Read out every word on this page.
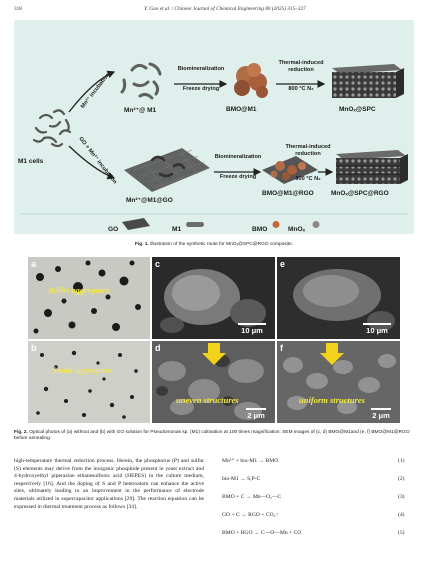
318	Y. Gao et al. / Chinese Journal of Chemical Engineering 80 (2025) 315–327
M1 cells
Mn²⁺@ M1	BMO@M1	MnOₓ@SPC
Mn²⁺@M1@GO
BMO@M1@RGO	MnOₓ@SPC@RGO
Mn²⁺ incubation
GO + Mn²⁺ incubation
Biomineralization
Freeze drying
Thermal-induced
reduction
800 °C N₂
Biomineralization
Freeze drying
Thermal-induced
reduction
800 °C N₂
GO	M1	BMO	MnOₓ
Fig. 1. Illustration of the synthetic route for MnOₓ@SPC@RGO composite.
a
Bullet aggregates
b
Small aggregates
c
10 μm
e
10 μm
d
uneven structures
2 μm
f
uniform structures
2 μm
Fig. 2. Optical photos of (a) without and (b) with GO solution for Pseudomonas sp. (M1) cultivation at 100 times magnification. SEM images of (c, d) BMO@M1and (e, f) BMO@M1@RGO before annealing.
high-temperature thermal reduction process. Herein, the phosphorus (P) and sulfur (S) elements may derive from the inorganic phosphide present in yeast extract and 4-hydroxyethyl piperazine ethanesulfonic acid (HEPES) in the culture medium, respectively [16]. And the doping of S and P heteroatom can enhance the active sites, ultimately leading to an improvement in the performance of electrode materials utilized in supercapacitor applications [29]. The reaction equation can be expressed in thermal treatment process as follows [34].
Mn²⁺ + bio-M1 → BMO	(1)
bio-M1 → S,P-C	(2)
BMO + C → Mn—Oₓ—C	(3)
GO + C → RGO + CO₂↑	(4)
BMO + RGO → C—O—Mn + CO	(5)
